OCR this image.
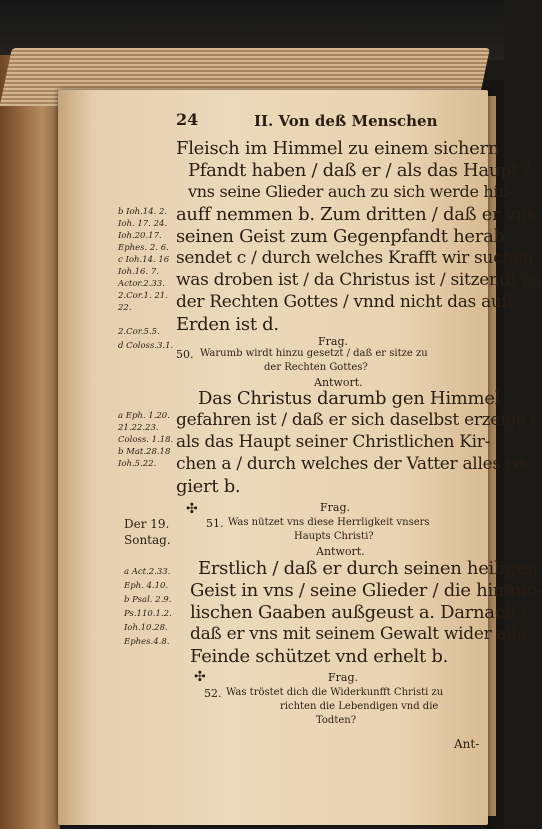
24	II. Von deß Menschen
Fleisch im Himmel zu einem sichern
Pfandt haben / daß er / als das Haupt /
vns seine Glieder auch zu sich werde hin-
auff nemmen b. Zum dritten / daß er vns
seinen Geist zum Gegenpfandt herab
sendet c / durch welches Krafft wir suchen
was droben ist / da Christus ist / sitzendt zu
der Rechten Gottes / vnnd nicht das auff
Erden ist d.
Frag.
50. Warumb wirdt hinzu gesetzt / daß er sitze zu
der Rechten Gottes?
Antwort.
Das Christus darumb gen Himmel
gefahren ist / daß er sich daselbst erzeige /
als das Haupt seiner Christlichen Kir-
chen a / durch welches der Vatter alles re-
giert b.
✣	Frag.
51. Was nützet vns diese Herrligkeit vnsers
Haupts Christi?
Antwort.
Der 19.
Sontag.
Erstlich / daß er durch seinen heiligen
Geist in vns / seine Glieder / die himmc-
lischen Gaaben außgeust a. Darnach /
daß er vns mit seinem Gewalt wider alle
Feinde schützet vnd erhelt b.
✣	Frag.
52. Was tröstet dich die Widerkunfft Christi zu
richten die Lebendigen vnd die
Todten?
Ant-
b Ioh.14. 2.
Ioh. 17. 24.
Ioh.20.17.
Ephes. 2. 6.
c Ioh.14. 16
Ioh.16. 7.
Actor.2.33.
2.Cor.1. 21.
22.
2.Cor.5.5.
d Coloss.3.1.
a Eph. 1.20.
21.22.23.
Coloss. 1.18.
b Mat.28.18
Ioh.5.22.
a Act.2.33.
Eph. 4.10.
b Psal. 2.9.
Ps.110.1.2.
Ioh.10.28.
Ephes.4.8.
